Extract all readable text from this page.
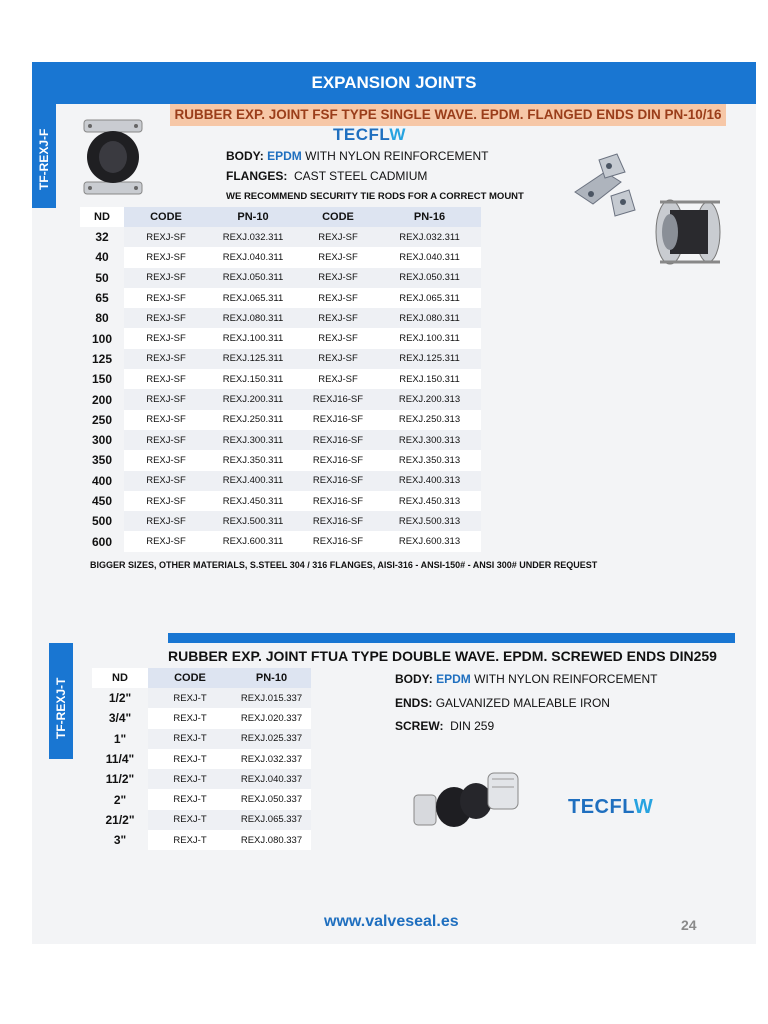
EXPANSION JOINTS
TF-REXJ-F
RUBBER EXP. JOINT FSF TYPE SINGLE WAVE. EPDM. FLANGED ENDS DIN PN-10/16
TECFLW
BODY: EPDM WITH NYLON REINFORCEMENT
FLANGES: CAST STEEL CADMIUM
WE RECOMMEND SECURITY TIE RODS FOR A CORRECT MOUNT
ND	CODE	PN-10	CODE	PN-16
32	REXJ-SF	REXJ.032.311	REXJ-SF	REXJ.032.311
40	REXJ-SF	REXJ.040.311	REXJ-SF	REXJ.040.311
50	REXJ-SF	REXJ.050.311	REXJ-SF	REXJ.050.311
65	REXJ-SF	REXJ.065.311	REXJ-SF	REXJ.065.311
80	REXJ-SF	REXJ.080.311	REXJ-SF	REXJ.080.311
100	REXJ-SF	REXJ.100.311	REXJ-SF	REXJ.100.311
125	REXJ-SF	REXJ.125.311	REXJ-SF	REXJ.125.311
150	REXJ-SF	REXJ.150.311	REXJ-SF	REXJ.150.311
200	REXJ-SF	REXJ.200.311	REXJ16-SF	REXJ.200.313
250	REXJ-SF	REXJ.250.311	REXJ16-SF	REXJ.250.313
300	REXJ-SF	REXJ.300.311	REXJ16-SF	REXJ.300.313
350	REXJ-SF	REXJ.350.311	REXJ16-SF	REXJ.350.313
400	REXJ-SF	REXJ.400.311	REXJ16-SF	REXJ.400.313
450	REXJ-SF	REXJ.450.311	REXJ16-SF	REXJ.450.313
500	REXJ-SF	REXJ.500.311	REXJ16-SF	REXJ.500.313
600	REXJ-SF	REXJ.600.311	REXJ16-SF	REXJ.600.313
BIGGER SIZES, OTHER MATERIALS, S.STEEL 304 / 316 FLANGES, AISI-316 - ANSI-150# - ANSI 300# UNDER REQUEST
TF-REXJ-T
RUBBER EXP. JOINT FTUA TYPE DOUBLE WAVE. EPDM. SCREWED ENDS DIN259
ND	CODE	PN-10
1/2"	REXJ-T	REXJ.015.337
3/4"	REXJ-T	REXJ.020.337
1"	REXJ-T	REXJ.025.337
11/4"	REXJ-T	REXJ.032.337
11/2"	REXJ-T	REXJ.040.337
2"	REXJ-T	REXJ.050.337
21/2"	REXJ-T	REXJ.065.337
3"	REXJ-T	REXJ.080.337
BODY: EPDM WITH NYLON REINFORCEMENT
ENDS: GALVANIZED MALEABLE IRON
SCREW: DIN 259
TECFLW
www.valveseal.es	24
